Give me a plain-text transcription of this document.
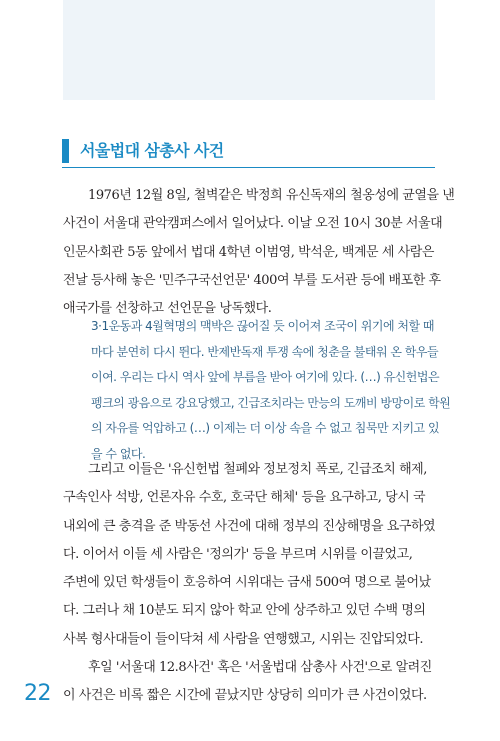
서울법대 삼총사 사건
1976년 12월 8일, 철벽같은 박정희 유신독재의 철옹성에 균열을 낸
사건이 서울대 관악캠퍼스에서 일어났다. 이날 오전 10시 30분 서울대
인문사회관 5동 앞에서 법대 4학년 이범영, 박석운, 백계문 세 사람은
전날 등사해 놓은 '민주구국선언문' 400여 부를 도서관 등에 배포한 후
애국가를 선창하고 선언문을 낭독했다.
3·1운동과 4월혁명의 맥박은 끊어질 듯 이어져 조국이 위기에 처할 때
마다 분연히 다시 뛴다. 반제반독재 투쟁 속에 청춘을 불태워 온 학우들
이여. 우리는 다시 역사 앞에 부름을 받아 여기에 있다. (…) 유신헌법은
펭크의 광음으로 강요당했고, 긴급조치라는 만능의 도깨비 방망이로 학원
의 자유를 억압하고 (…) 이제는 더 이상 속을 수 없고 침묵만 지키고 있
을 수 없다.
그리고 이들은 '유신헌법 철폐와 정보정치 폭로, 긴급조치 해제,
구속인사 석방, 언론자유 수호, 호국단 해체' 등을 요구하고, 당시 국
내외에 큰 충격을 준 박동선 사건에 대해 정부의 진상해명을 요구하였
다. 이어서 이들 세 사람은 '정의가' 등을 부르며 시위를 이끌었고,
주변에 있던 학생들이 호응하여 시위대는 금새 500여 명으로 불어났
다. 그러나 채 10분도 되지 않아 학교 안에 상주하고 있던 수백 명의
사복 형사대들이 들이닥쳐 세 사람을 연행했고, 시위는 진압되었다.
후일 '서울대 12.8사건' 혹은 '서울법대 삼총사 사건'으로 알려진
이 사건은 비록 짧은 시간에 끝났지만 상당히 의미가 큰 사건이었다.
22
